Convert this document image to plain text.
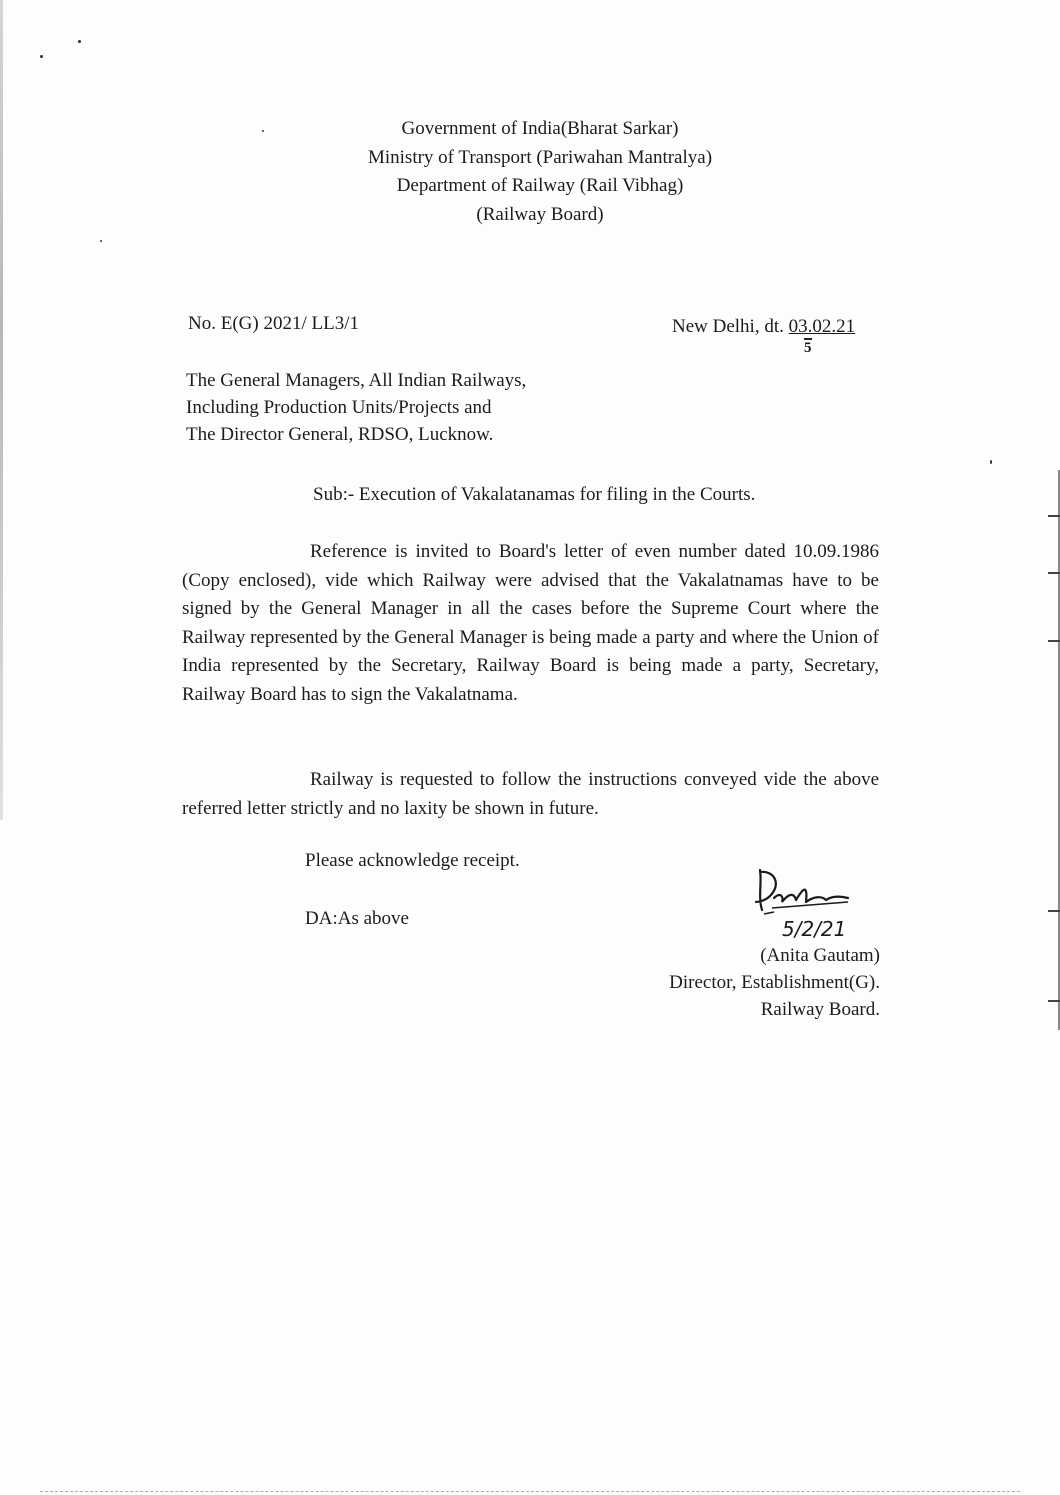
Government of India(Bharat Sarkar)
Ministry of Transport (Pariwahan Mantralya)
Department of Railway (Rail Vibhag)
(Railway Board)
No. E(G) 2021/ LL3/1	New Delhi, dt. 03.02.21
5
The General Managers, All Indian Railways,
Including Production Units/Projects and
The Director General, RDSO, Lucknow.
Sub:- Execution of Vakalatanamas for filing in the Courts.
Reference is invited to Board's letter of even number dated 10.09.1986 (Copy enclosed), vide which Railway were advised that the Vakalatnamas have to be signed by the General Manager in all the cases before the Supreme Court where the Railway represented by the General Manager is being made a party and where the Union of India represented by the Secretary, Railway Board is being made a party, Secretary, Railway Board has to sign the Vakalatnama.
Railway is requested to follow the instructions conveyed vide the above referred letter strictly and no laxity be shown in future.
Please acknowledge receipt.
DA:As above	5/2/21
(Anita Gautam)
Director, Establishment(G).
Railway Board.
